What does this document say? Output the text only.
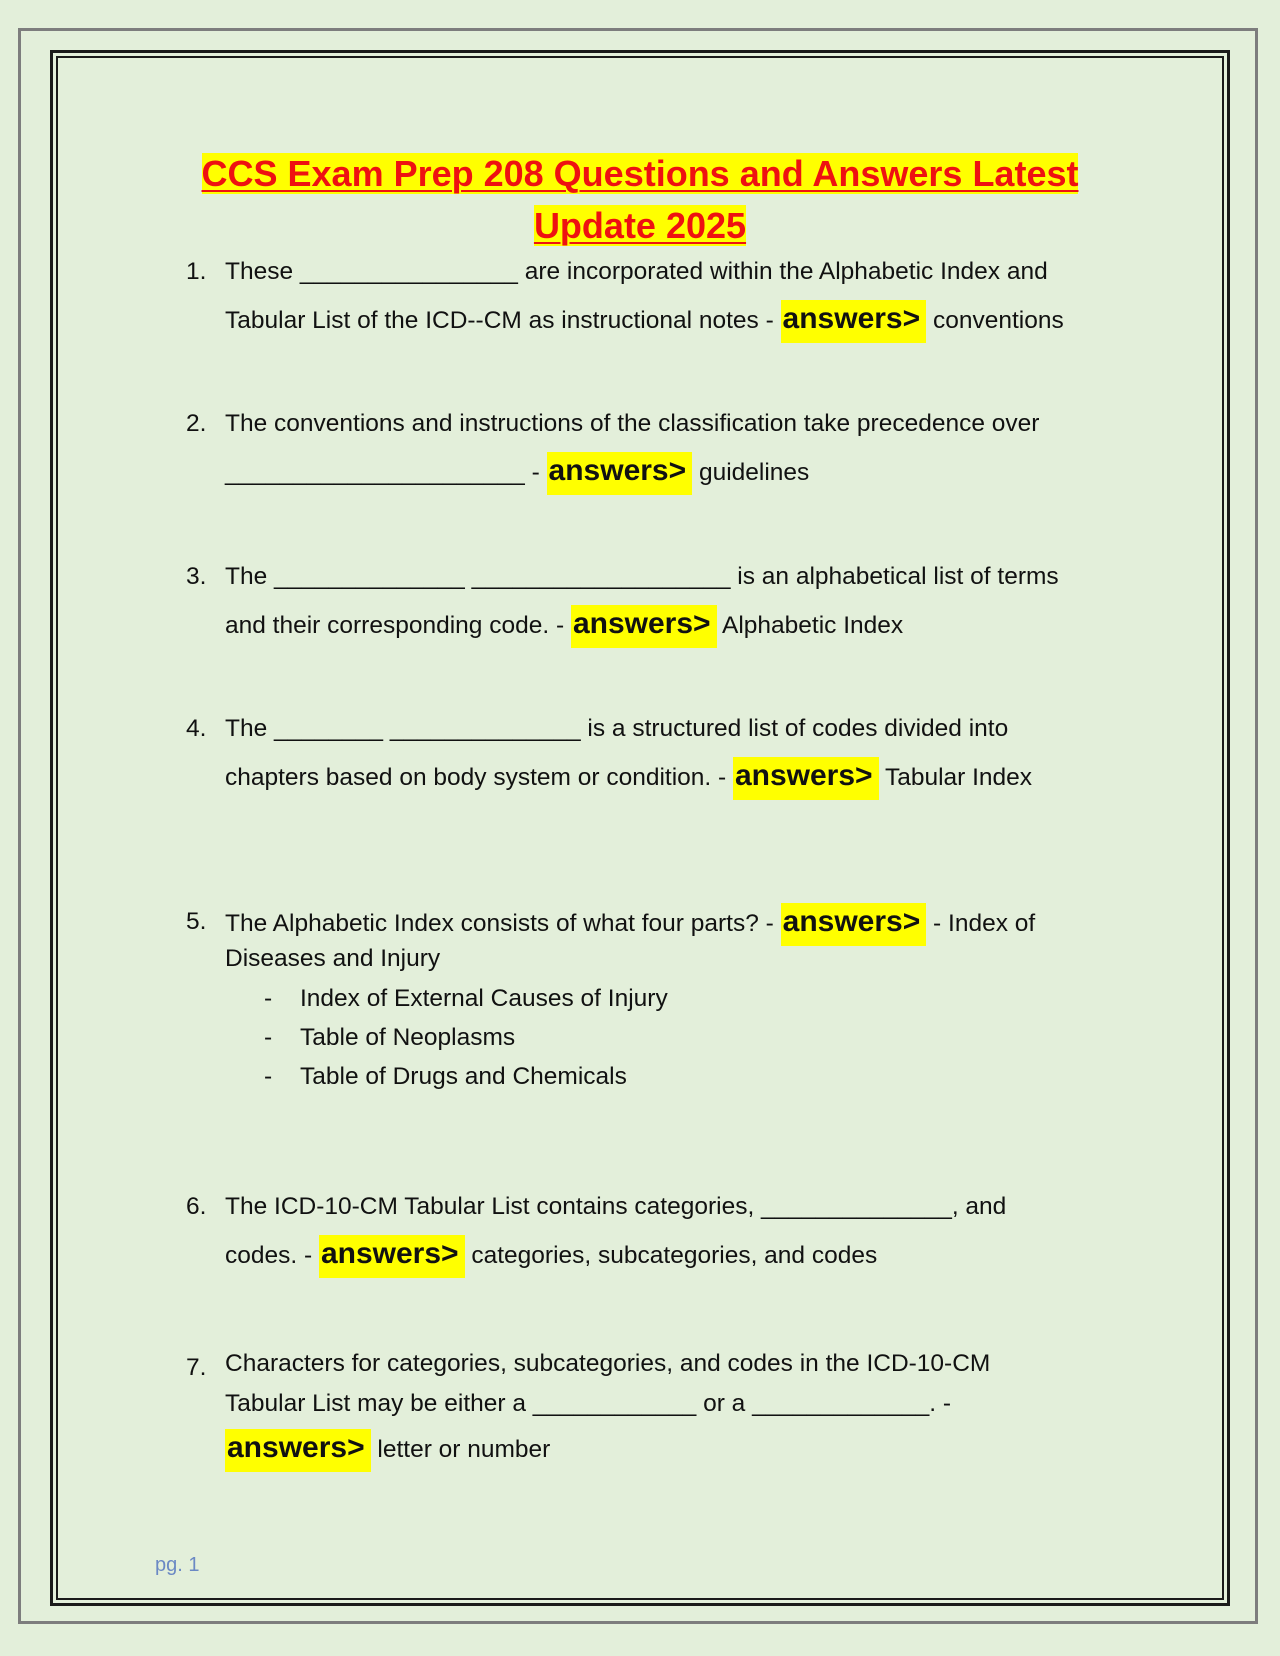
CCS Exam Prep 208 Questions and Answers Latest
Update 2025
1. These ________________ are incorporated within the Alphabetic Index and
Tabular List of the ICD--CM as instructional notes - answers> conventions
2. The conventions and instructions of the classification take precedence over
______________________ - answers> guidelines
3. The ______________ ___________________ is an alphabetical list of terms
and their corresponding code. - answers> Alphabetic Index
4. The ________ ______________ is a structured list of codes divided into
chapters based on body system or condition. - answers> Tabular Index
5. The Alphabetic Index consists of what four parts? - answers> - Index of
Diseases and Injury
- Index of External Causes of Injury
- Table of Neoplasms
- Table of Drugs and Chemicals
6. The ICD-10-CM Tabular List contains categories, ______________, and
codes. - answers> categories, subcategories, and codes
7. Characters for categories, subcategories, and codes in the ICD-10-CM
Tabular List may be either a ____________ or a _____________. -
answers> letter or number
pg. 1
